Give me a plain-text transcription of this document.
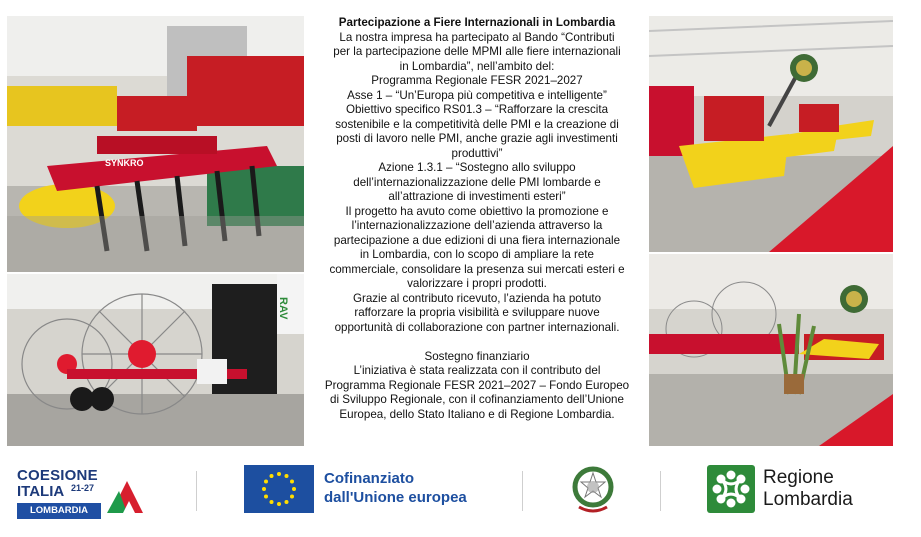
SYNKRO
RAV
Partecipazione a Fiere Internazionali in Lombardia
La nostra impresa ha partecipato al Bando “Contributi
per la partecipazione delle MPMI alle fiere internazionali
in Lombardia”, nell’ambito del:
Programma Regionale FESR 2021–2027
Asse 1 – “Un’Europa più competitiva e intelligente”
Obiettivo specifico RS01.3 – “Rafforzare la crescita
sostenibile e la competitività delle PMI e la creazione di
posti di lavoro nelle PMI, anche grazie agli investimenti
produttivi”
Azione 1.3.1 – “Sostegno allo sviluppo
dell’internazionalizzazione delle PMI lombarde e
all’attrazione di investimenti esteri”
Il progetto ha avuto come obiettivo la promozione e
l’internazionalizzazione dell’azienda attraverso la
partecipazione a due edizioni di una fiera internazionale
in Lombardia, con lo scopo di ampliare la rete
commerciale, consolidare la presenza sui mercati esteri e
valorizzare i propri prodotti.
Grazie al contributo ricevuto, l’azienda ha potuto
rafforzare la propria visibilità e sviluppare nuove
opportunità di collaborazione con partner internazionali.
Sostegno finanziario
L’iniziativa è stata realizzata con il contributo del
Programma Regionale FESR 2021–2027 – Fondo Europeo
di Sviluppo Regionale, con il cofinanziamento dell’Unione
Europea, dello Stato Italiano e di Regione Lombardia.
COESIONE
ITALIA 21-27
LOMBARDIA
Cofinanziato
dall'Unione europea
Regione
Lombardia
